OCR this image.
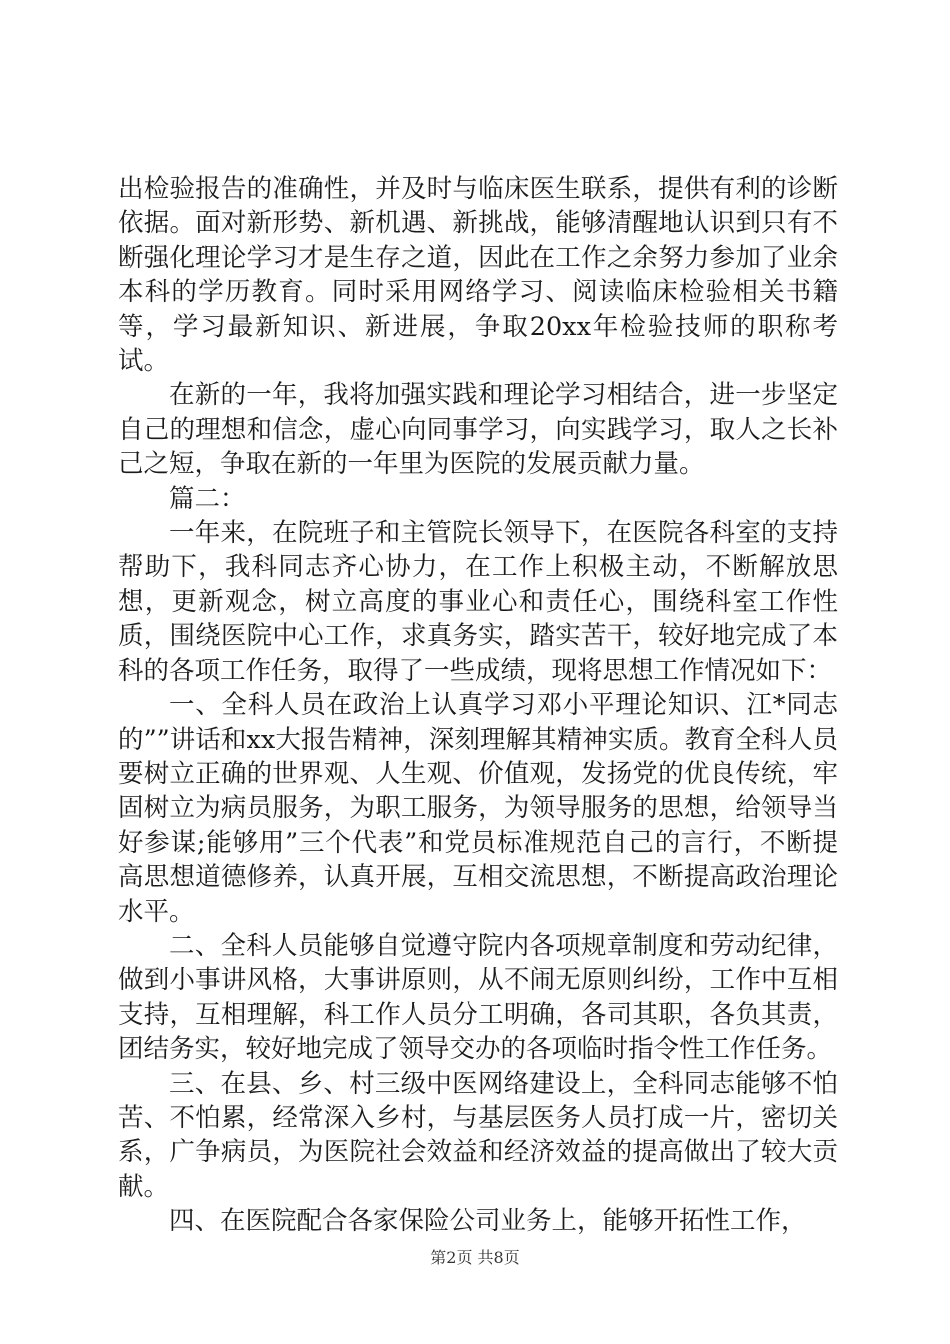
出检验报告的准确性，并及时与临床医生联系，提供有利的诊断依据。面对新形势、新机遇、新挑战，能够清醒地认识到只有不断强化理论学习才是生存之道，因此在工作之余努力参加了业余本科的学历教育。同时采用网络学习、阅读临床检验相关书籍等，学习最新知识、新进展，争取20xx年检验技师的职称考试。

在新的一年，我将加强实践和理论学习相结合，进一步坚定自己的理想和信念，虚心向同事学习，向实践学习，取人之长补己之短，争取在新的一年里为医院的发展贡献力量。

篇二：

一年来，在院班子和主管院长领导下，在医院各科室的支持帮助下，我科同志齐心协力，在工作上积极主动，不断解放思想，更新观念，树立高度的事业心和责任心，围绕科室工作性质，围绕医院中心工作，求真务实，踏实苦干，较好地完成了本科的各项工作任务，取得了一些成绩，现将思想工作情况如下：

一、全科人员在政治上认真学习邓小平理论知识、江*同志的””讲话和xx大报告精神，深刻理解其精神实质。教育全科人员要树立正确的世界观、人生观、价值观，发扬党的优良传统，牢固树立为病员服务，为职工服务，为领导服务的思想，给领导当好参谋;能够用”三个代表”和党员标准规范自己的言行，不断提高思想道德修养，认真开展，互相交流思想，不断提高政治理论水平。

二、全科人员能够自觉遵守院内各项规章制度和劳动纪律，做到小事讲风格，大事讲原则，从不闹无原则纠纷，工作中互相支持，互相理解，科工作人员分工明确，各司其职，各负其责，团结务实，较好地完成了领导交办的各项临时指令性工作任务。

三、在县、乡、村三级中医网络建设上，全科同志能够不怕苦、不怕累，经常深入乡村，与基层医务人员打成一片，密切关系，广争病员，为医院社会效益和经济效益的提高做出了较大贡献。

四、在医院配合各家保险公司业务上，能够开拓性工作，

第2页 共8页
